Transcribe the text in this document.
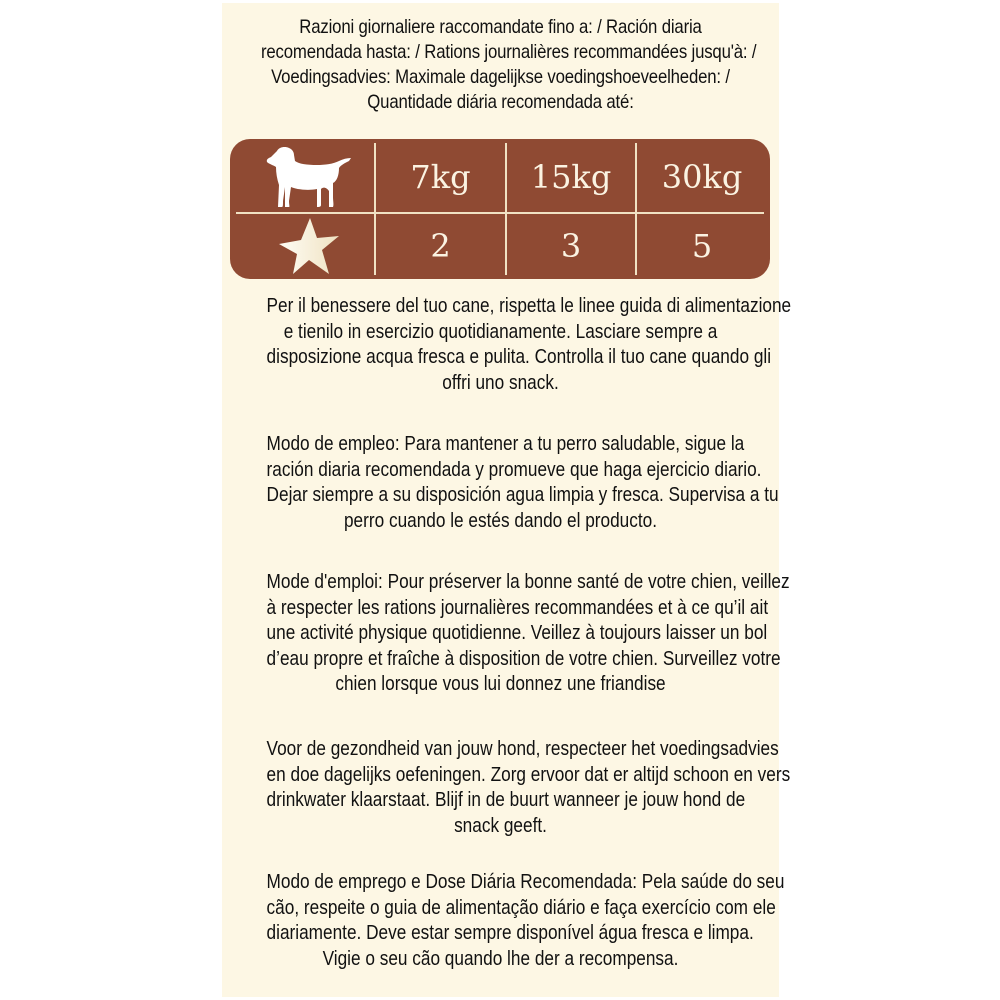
Razioni giornaliere raccomandate fino a: / Ración diaria
recomendada hasta: / Rations journalières recommandées jusqu'à: /
Voedingsadvies: Maximale dagelijkse voedingshoeveelheden: /
Quantidade diária recomendada até:
7kg	15kg	30kg
2	3	5
Per il benessere del tuo cane, rispetta le linee guida di alimentazione
e tienilo in esercizio quotidianamente. Lasciare sempre a
disposizione acqua fresca e pulita. Controlla il tuo cane quando gli
offri uno snack.
Modo de empleo: Para mantener a tu perro saludable, sigue la
ración diaria recomendada y promueve que haga ejercicio diario.
Dejar siempre a su disposición agua limpia y fresca. Supervisa a tu
perro cuando le estés dando el producto.
Mode d'emploi: Pour préserver la bonne santé de votre chien, veillez
à respecter les rations journalières recommandées et à ce qu’il ait
une activité physique quotidienne. Veillez à toujours laisser un bol
d’eau propre et fraîche à disposition de votre chien. Surveillez votre
chien lorsque vous lui donnez une friandise
Voor de gezondheid van jouw hond, respecteer het voedingsadvies
en doe dagelijks oefeningen. Zorg ervoor dat er altijd schoon en vers
drinkwater klaarstaat. Blijf in de buurt wanneer je jouw hond de
snack geeft.
Modo de emprego e Dose Diária Recomendada: Pela saúde do seu
cão, respeite o guia de alimentação diário e faça exercício com ele
diariamente. Deve estar sempre disponível água fresca e limpa.
Vigie o seu cão quando lhe der a recompensa.
